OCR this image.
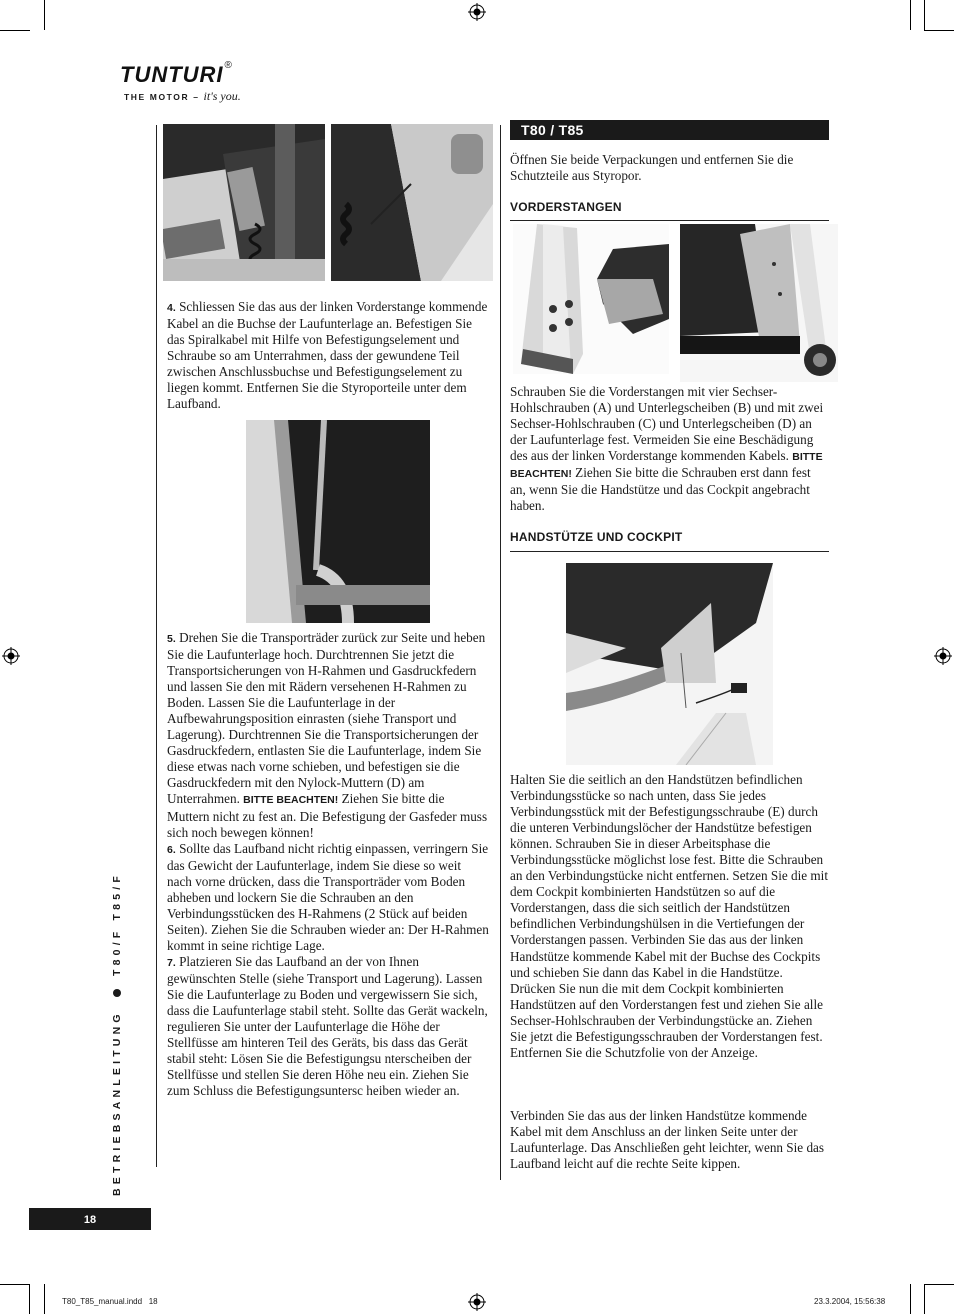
TUNTURI®
THE MOTOR – it's you.
BETRIEBSANLEITUNG  T80/F T85/F
18
T80_T85_manual.indd   18	23.3.2004, 15:56:38

4. Schliessen Sie das aus der linken Vorderstange kommende Kabel an die Buchse der Laufunterlage an. Befestigen Sie das Spiralkabel mit Hilfe von Befestigungselement und Schraube so am Unterrahmen, dass der gewundene Teil zwischen Anschlussbuchse und Befestigungselement zu liegen kommt. Entfernen Sie die Styroporteile unter dem Laufband.

5. Drehen Sie die Transporträder zurück zur Seite und heben Sie die Laufunterlage hoch. Durchtrennen Sie jetzt die Transportsicherungen von H-Rahmen und Gasdruckfedern und lassen Sie den mit Rädern versehenen H-Rahmen zu Boden. Lassen Sie die Laufunterlage in der Aufbewahrungsposition einrasten (siehe Transport und Lagerung). Durchtrennen Sie die Transportsicherungen der Gasdruckfedern, entlasten Sie die Laufunterlage, indem Sie diese etwas nach vorne schieben, und befestigen sie die Gasdruckfedern mit den Nylock-Muttern (D) am Unterrahmen. BITTE BEACHTEN! Ziehen Sie bitte die Muttern nicht zu fest an. Die Befestigung der Gasfeder muss sich noch bewegen können!

6. Sollte das Laufband nicht richtig einpassen, verringern Sie das Gewicht der Laufunterlage, indem Sie diese so weit nach vorne drücken, dass die Transporträder vom Boden abheben und lockern Sie die Schrauben an den Verbindungsstücken des H-Rahmens (2 Stück auf beiden Seiten). Ziehen Sie die Schrauben wieder an: Der H-Rahmen kommt in seine richtige Lage.

7. Platzieren Sie das Laufband an der von Ihnen gewünschten Stelle (siehe Transport und Lagerung). Lassen Sie die Laufunterlage zu Boden und vergewissern Sie sich, dass die Laufunterlage stabil steht. Sollte das Gerät wackeln, regulieren Sie unter der Laufunterlage die Höhe der Stellfüsse am hinteren Teil des Geräts, bis dass das Gerät stabil steht: Lösen Sie die Befestigungsu nterscheiben der Stellfüsse und stellen Sie deren Höhe neu ein. Ziehen Sie zum Schluss die Befestigungsuntersc heiben wieder an.

T80 / T85
Öffnen Sie beide Verpackungen und entfernen Sie die Schutzteile aus Styropor.
VORDERSTANGEN

Schrauben Sie die Vorderstangen mit vier Sechser-Hohlschrauben (A) und Unterlegscheiben (B) und mit zwei Sechser-Hohlschrauben (C) und Unterlegscheiben (D) an der Laufunterlage fest. Vermeiden Sie eine Beschädigung des aus der linken Vorderstange kommenden Kabels. BITTE BEACHTEN! Ziehen Sie bitte die Schrauben erst dann fest an, wenn Sie die Handstütze und das Cockpit angebracht haben.

HANDSTÜTZE UND COCKPIT
Halten Sie die seitlich an den Handstützen befindlichen Verbindungsstücke so nach unten, dass Sie jedes Verbindungsstück mit der Befestigungsschraube (E) durch die unteren Verbindungslöcher der Handstütze befestigen können. Schrauben Sie in dieser Arbeitsphase die Verbindungsstücke möglichst lose fest. Bitte die Schrauben an den Verbindungstücke nicht entfernen. Setzen Sie die mit dem Cockpit kombinierten Handstützen so auf die Vorderstangen, dass die sich seitlich der Handstützen befindlichen Verbindungshülsen in die Vertiefungen der Vorderstangen passen. Verbinden Sie das aus der linken Handstütze kommende Kabel mit der Buchse des Cockpits und schieben Sie dann das Kabel in die Handstütze. Drücken Sie nun die mit dem Cockpit kombinierten Handstützen auf den Vorderstangen fest und ziehen Sie alle Sechser-Hohlschrauben der Verbindungstücke an. Ziehen Sie jetzt die Befestigungsschrauben der Vorderstangen fest. Entfernen Sie die Schutzfolie von der Anzeige.
Verbinden Sie das aus der linken Handstütze kommende Kabel mit dem Anschluss an der linken Seite unter der Laufunterlage. Das Anschließen geht leichter, wenn Sie das Laufband leicht auf die rechte Seite kippen.
